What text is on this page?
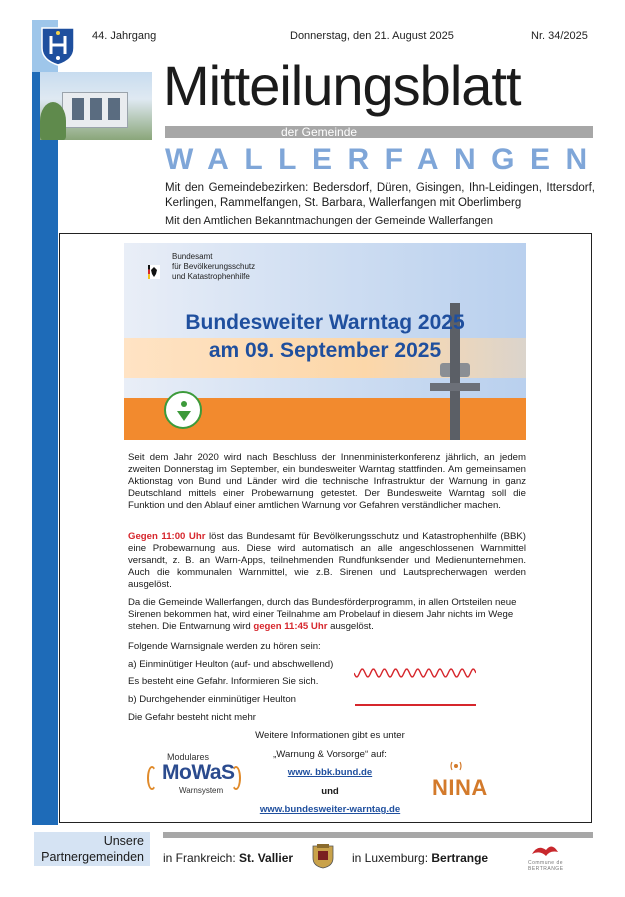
44. Jahrgang	Donnerstag, den 21. August 2025	Nr. 34/2025
Mitteilungsblatt
der Gemeinde
WALLERFANGEN
Mit den Gemeindebezirken: Bedersdorf, Düren, Gisingen, Ihn-Leidingen, Ittersdorf, Kerlingen, Rammelfangen, St. Barbara, Wallerfangen mit Oberlimberg
Mit den Amtlichen Bekanntmachungen der Gemeinde Wallerfangen
Bundesamt
für Bevölkerungsschutz
und Katastrophenhilfe
Bundesweiter Warntag 2025
am 09. September 2025
Seit dem Jahr 2020 wird nach Beschluss der Innenministerkonferenz jährlich, an jedem zweiten Donnerstag im September, ein bundesweiter Warntag stattfinden. Am gemeinsamen Aktionstag von Bund und Länder wird die technische Infrastruktur der Warnung in ganz Deutschland mittels einer Probewarnung getestet. Der Bundesweite Warntag soll die Funktion und den Ablauf einer amtlichen Warnung vor Gefahren verständlicher machen.
Gegen 11:00 Uhr löst das Bundesamt für Bevölkerungsschutz und Katastrophenhilfe (BBK) eine Probewarnung aus. Diese wird automatisch an alle angeschlossenen Warnmittel versandt, z. B. an Warn-Apps, teilnehmenden Rundfunksender und Medienunternehmen. Auch die kommunalen Warnmittel, wie z.B. Sirenen und Lautsprecherwagen werden ausgelöst.
Da die Gemeinde Wallerfangen, durch das Bundesförderprogramm, in allen Ortsteilen neue Sirenen bekommen hat, wird einer Teilnahme am Probelauf in diesem Jahr nichts im Wege stehen. Die Entwarnung wird gegen 11:45 Uhr ausgelöst.
Folgende Warnsignale werden zu hören sein:
a) Einminütiger Heulton (auf- und abschwellend)
Es besteht eine Gefahr. Informieren Sie sich.
b) Durchgehender einminütiger Heulton
Die Gefahr besteht nicht mehr
Weitere Informationen gibt es unter
„Warnung & Vorsorge“ auf:
www. bbk.bund.de
und
www.bundesweiter-warntag.de
Modulares
MoWaS
Warnsystem	NINA
Unsere
Partnergemeinden in Frankreich: St. Vallier	in Luxemburg: Bertrange	Commune de BERTRANGE
